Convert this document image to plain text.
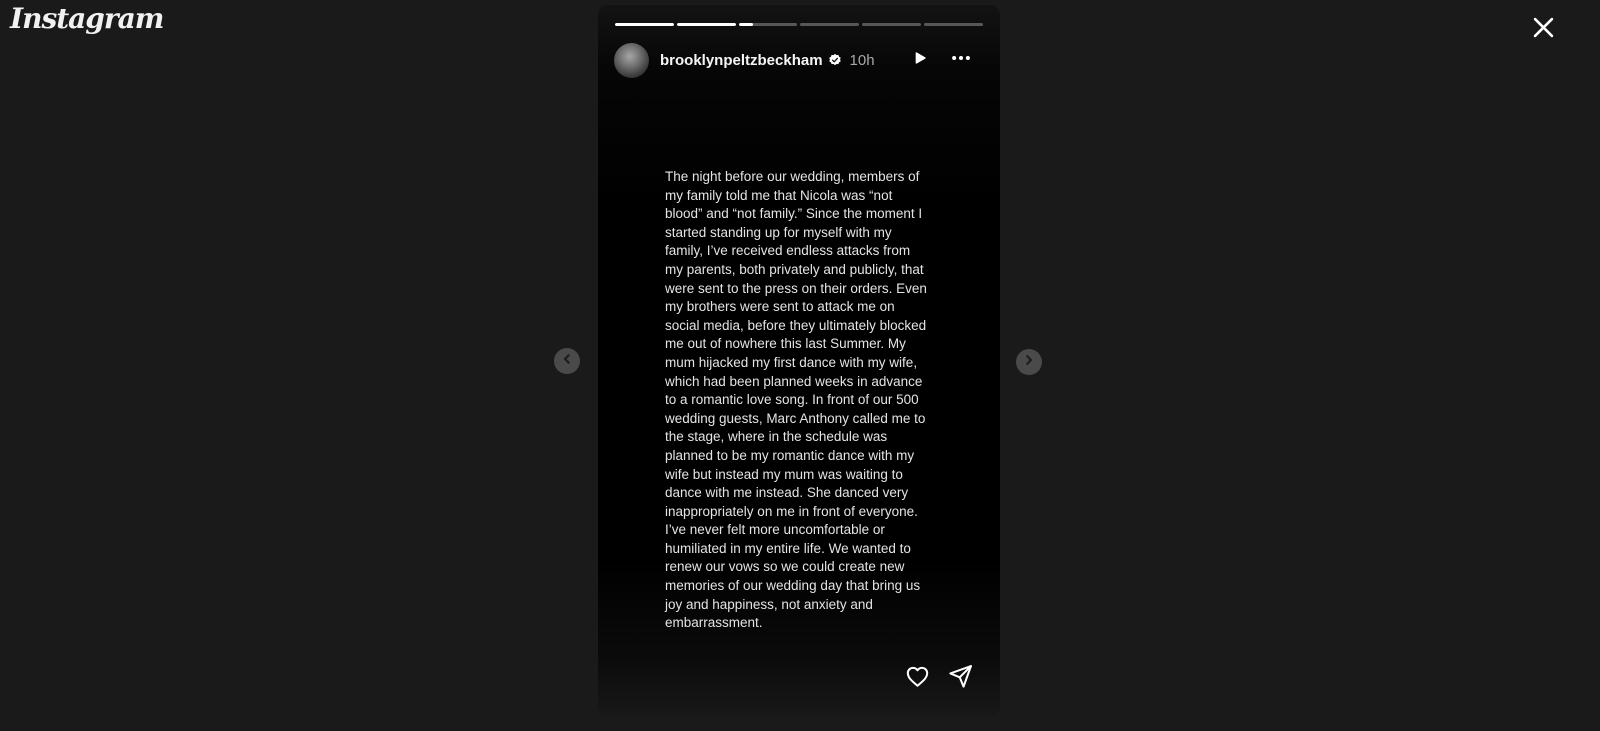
Instagram
brooklynpeltzbeckham 10h
The night before our wedding, members of
my family told me that Nicola was “not
blood” and “not family.” Since the moment I
started standing up for myself with my
family, I’ve received endless attacks from
my parents, both privately and publicly, that
were sent to the press on their orders. Even
my brothers were sent to attack me on
social media, before they ultimately blocked
me out of nowhere this last Summer. My
mum hijacked my first dance with my wife,
which had been planned weeks in advance
to a romantic love song. In front of our 500
wedding guests, Marc Anthony called me to
the stage, where in the schedule was
planned to be my romantic dance with my
wife but instead my mum was waiting to
dance with me instead. She danced very
inappropriately on me in front of everyone.
I’ve never felt more uncomfortable or
humiliated in my entire life. We wanted to
renew our vows so we could create new
memories of our wedding day that bring us
joy and happiness, not anxiety and
embarrassment.
